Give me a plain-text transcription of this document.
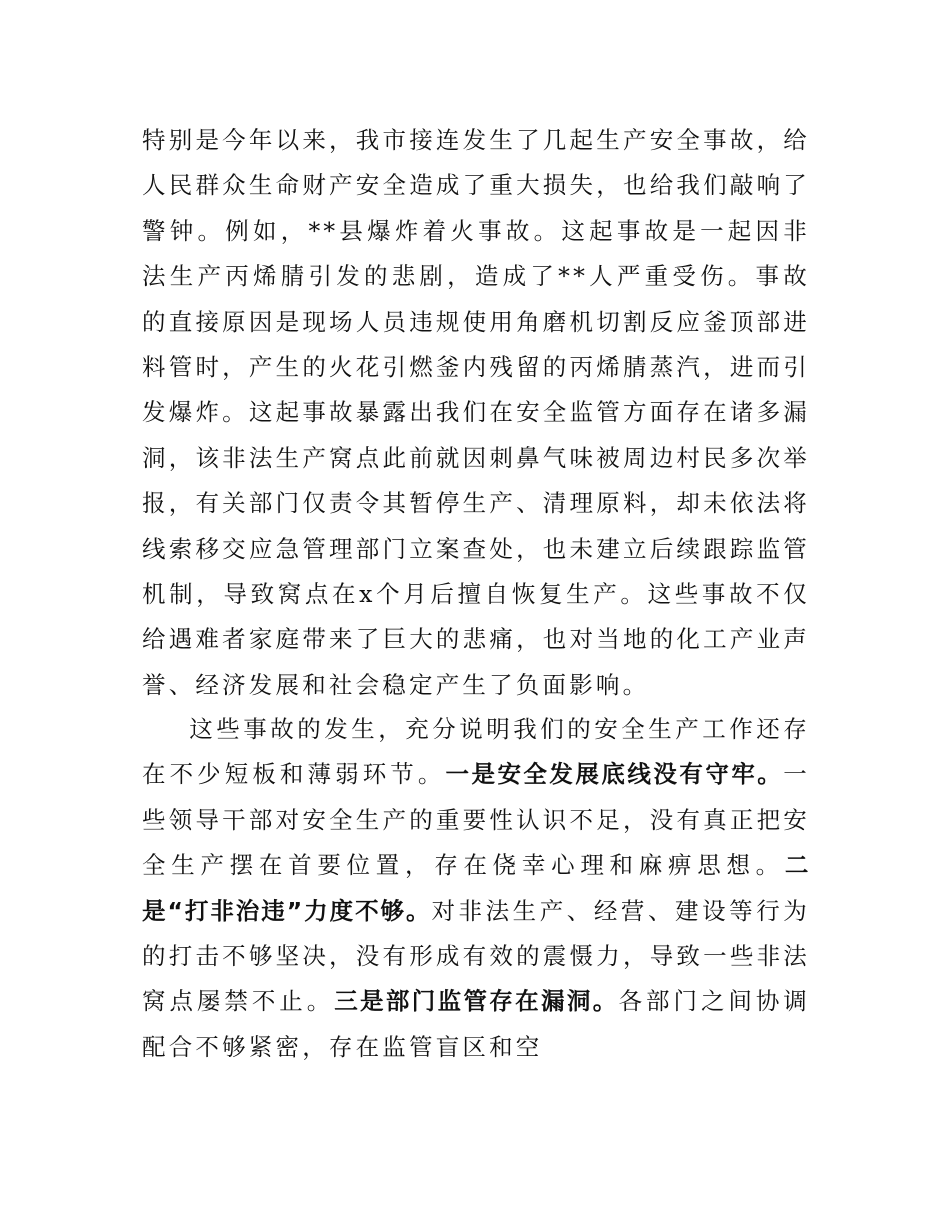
特别是今年以来，我市接连发生了几起生产安全事故，给人民群众生命财产安全造成了重大损失，也给我们敲响了警钟。例如，**县爆炸着火事故。这起事故是一起因非法生产丙烯腈引发的悲剧，造成了**人严重受伤。事故的直接原因是现场人员违规使用角磨机切割反应釜顶部进料管时，产生的火花引燃釜内残留的丙烯腈蒸汽，进而引发爆炸。这起事故暴露出我们在安全监管方面存在诸多漏洞，该非法生产窝点此前就因刺鼻气味被周边村民多次举报，有关部门仅责令其暂停生产、清理原料，却未依法将线索移交应急管理部门立案查处，也未建立后续跟踪监管机制，导致窝点在x个月后擅自恢复生产。这些事故不仅给遇难者家庭带来了巨大的悲痛，也对当地的化工产业声誉、经济发展和社会稳定产生了负面影响。
这些事故的发生，充分说明我们的安全生产工作还存在不少短板和薄弱环节。一是安全发展底线没有守牢。一些领导干部对安全生产的重要性认识不足，没有真正把安全生产摆在首要位置，存在侥幸心理和麻痹思想。二是“打非治违”力度不够。对非法生产、经营、建设等行为的打击不够坚决，没有形成有效的震慑力，导致一些非法窝点屡禁不止。三是部门监管存在漏洞。各部门之间协调配合不够紧密，存在监管盲区和空
